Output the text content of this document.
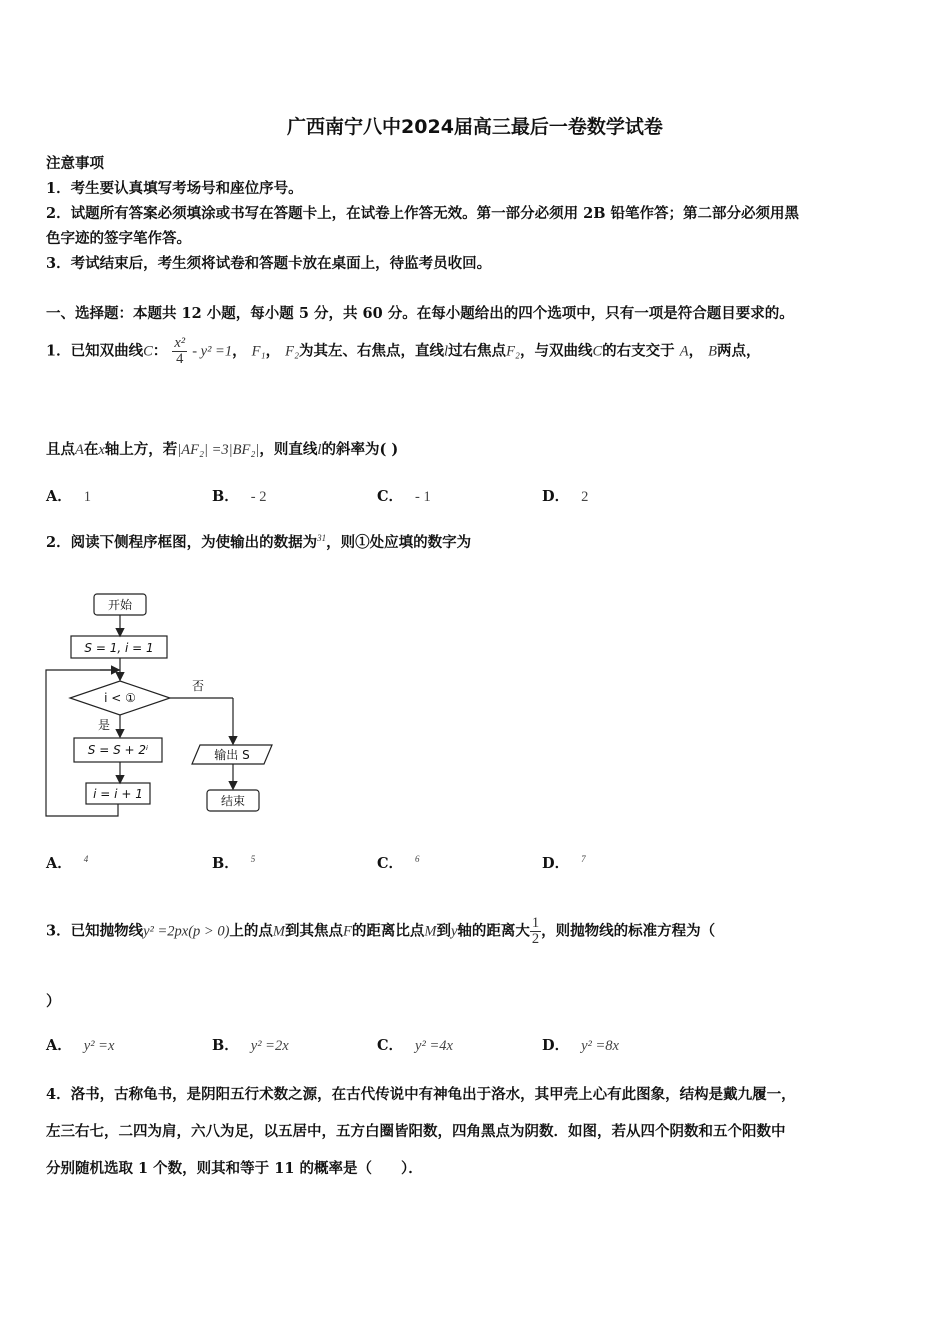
广西南宁八中2024届高三最后一卷数学试卷
注意事项
1．考生要认真填写考场号和座位序号。
2．试题所有答案必须填涂或书写在答题卡上，在试卷上作答无效。第一部分必须用 2B 铅笔作答；第二部分必须用黑
色字迹的签字笔作答。
3．考试结束后，考生须将试卷和答题卡放在桌面上，待监考员收回。
一、选择题：本题共 12 小题，每小题 5 分，共 60 分。在每小题给出的四个选项中，只有一项是符合题目要求的。
1．已知双曲线C： $\frac{\text{x²}}{4} - y^2 =1$， F₁， F₂为其左、右焦点，直线l过右焦点F₂，与双曲线C的右支交于 A， B两点，
且点A在x轴上方，若|AF₂| =3|BF₂|，则直线l的斜率为( )
A． 1	B． - 2	C． - 1	D． 2
2．阅读下侧程序框图，为使输出的数据为$^{31}$，则①处应填的数字为
开始
S = 1, i = 1
i < ①
否
是
S = S + 2ⁱ
i = i + 1
输出 S
结束
A． $^4$	B． $^5$	C． $^6$	D． $^7$
3．已知抛物线y² =2px(p > 0)上的点M到其焦点F的距离比点M到y轴的距离大 $\frac{1}{2}$ ，则抛物线的标准方程为（
）
A． y² =x	B． y² =2x	C． y² =4x	D． y² =8x
4．洛书，古称龟书，是阴阳五行术数之源，在古代传说中有神龟出于洛水，其甲壳上心有此图象，结构是戴九履一，
左三右七，二四为肩，六八为足，以五居中，五方白圈皆阳数，四角黑点为阴数．如图，若从四个阴数和五个阳数中
分别随机选取 1 个数，则其和等于 11 的概率是（　　）．
